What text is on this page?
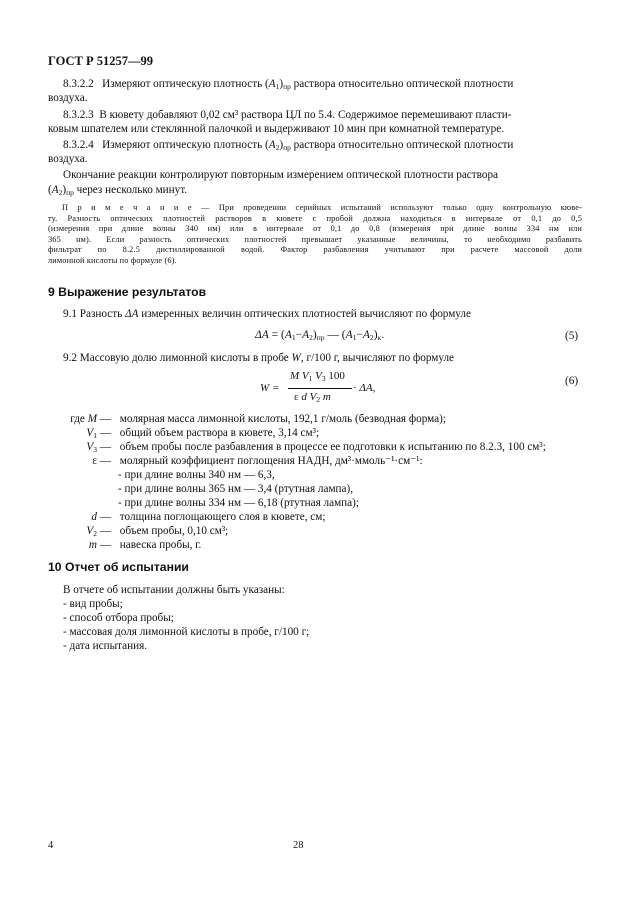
ГОСТ Р 51257—99
8.3.2.2 Измеряют оптическую плотность $(A_1)_{пр}$ раствора относительно оптической плотности
воздуха.
8.3.2.3 В кювету добавляют 0,02 см³ раствора ЦЛ по 5.4. Содержимое перемешивают пласти-
ковым шпателем или стеклянной палочкой и выдерживают 10 мин при комнатной температуре.
8.3.2.4 Измеряют оптическую плотность $(A_2)_{пр}$ раствора относительно оптической плотности
воздуха.
Окончание реакции контролируют повторным измерением оптической плотности раствора
$(A_2)_{пр}$ через несколько минут.
П р и м е ч а н и е — При проведении серийных испытаний используют только одну контрольную кюве-
ту. Разность оптических плотностей растворов в кювете с пробой должна находиться в интервале от 0,1 до 0,5
(измерения при длине волны 340 нм) или в интервале от 0,1 до 0,8 (измерения при длине волны 334 нм или
365 нм). Если разность оптических плотностей превышает указанные величины, то необходимо разбавить
фильтрат по 8.2.5 дистиллированной водой. Фактор разбавления учитывают при расчете массовой доли
лимонной кислоты по формуле (6).
9 Выражение результатов
9.1 Разность ΔA измеренных величин оптических плотностей вычисляют по формуле
$\Delta A = (A_1-A_2)_{пр}$ — $(A_1-A_2)_к$.	(5)
9.2 Массовую долю лимонной кислоты в пробе W, г/100 г, вычисляют по формуле
W =
M $V_1$ $V_3$ 100
ε d $V_2$ m
· ΔA,
(6)
где M — молярная масса лимонной кислоты, 192,1 г/моль (безводная форма);
$V_1$ — общий объем раствора в кювете, 3,14 см³;
$V_3$ — объем пробы после разбавления в процессе ее подготовки к испытанию по 8.2.3, 100 см³;
ε — молярный коэффициент поглощения НАДН, дм³·ммоль⁻¹·см⁻¹:
- при длине волны 340 нм — 6,3,
- при длине волны 365 нм — 3,4 (ртутная лампа),
- при длине волны 334 нм — 6,18 (ртутная лампа);
d — толщина поглощающего слоя в кювете, см;
$V_2$ — объем пробы, 0,10 см³;
m — навеска пробы, г.
10 Отчет об испытании
В отчете об испытании должны быть указаны:
- вид пробы;
- способ отбора пробы;
- массовая доля лимонной кислоты в пробе, г/100 г;
- дата испытания.
4	28
